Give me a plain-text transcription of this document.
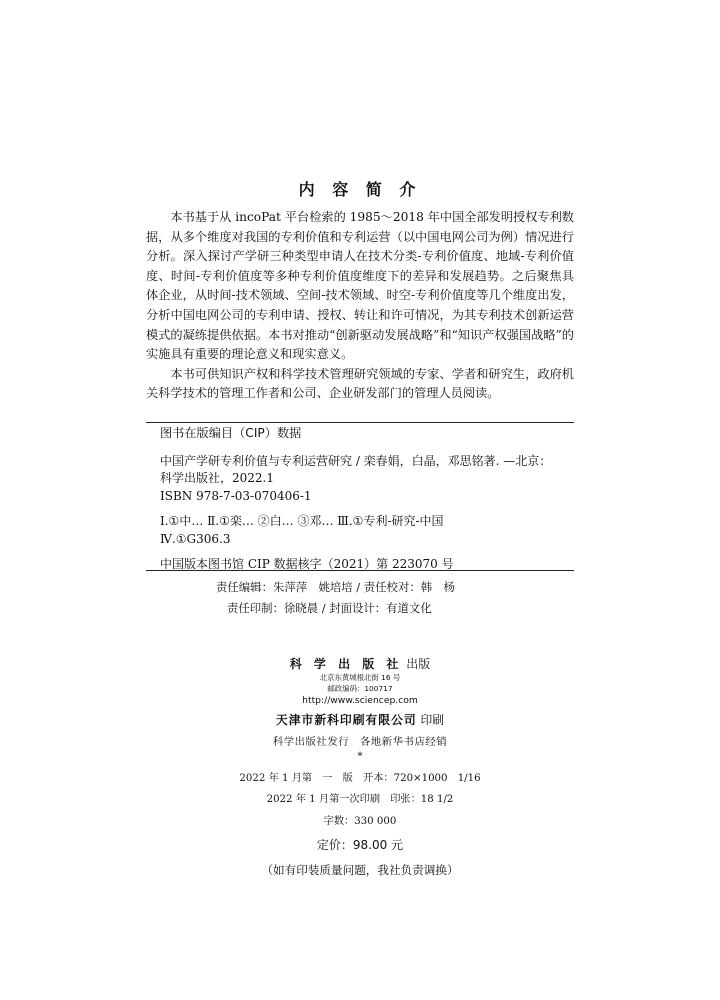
内 容 简 介

本书基于从 incoPat 平台检索的 1985～2018 年中国全部发明授权专利数据，从多个维度对我国的专利价值和专利运营（以中国电网公司为例）情况进行分析。深入探讨产学研三种类型申请人在技术分类-专利价值度、地域-专利价值度、时间-专利价值度等多种专利价值度维度下的差异和发展趋势。之后聚焦具体企业，从时间-技术领域、空间-技术领域、时空-专利价值度等几个维度出发，分析中国电网公司的专利申请、授权、转让和许可情况，为其专利技术创新运营模式的凝练提供依据。本书对推动“创新驱动发展战略”和“知识产权强国战略”的实施具有重要的理论意义和现实意义。

本书可供知识产权和科学技术管理研究领域的专家、学者和研究生，政府机关科学技术的管理工作者和公司、企业研发部门的管理人员阅读。

图书在版编目（CIP）数据
中国产学研专利价值与专利运营研究 / 栾春娟，白晶，邓思铭著. —北京：
科学出版社，2022.1
ISBN 978-7-03-070406-1
Ⅰ.①中… Ⅱ.①栾… ②白… ③邓… Ⅲ.①专利-研究-中国
Ⅳ.①G306.3
中国版本图书馆 CIP 数据核字（2021）第 223070 号
责任编辑：朱萍萍　姚培培 / 责任校对：韩　杨
责任印制：徐晓晨 / 封面设计：有道文化
科 学 出 版 社 出版
北京东黄城根北街 16 号
邮政编码：100717
http://www.sciencep.com
天津市新科印刷有限公司 印刷
科学出版社发行　各地新华书店经销
*
2022 年 1 月第　一　版　开本：720×1000　1/16
2022 年 1 月第一次印刷　印张：18 1/2
字数：330 000
定价：98.00 元
（如有印装质量问题，我社负责调换）
